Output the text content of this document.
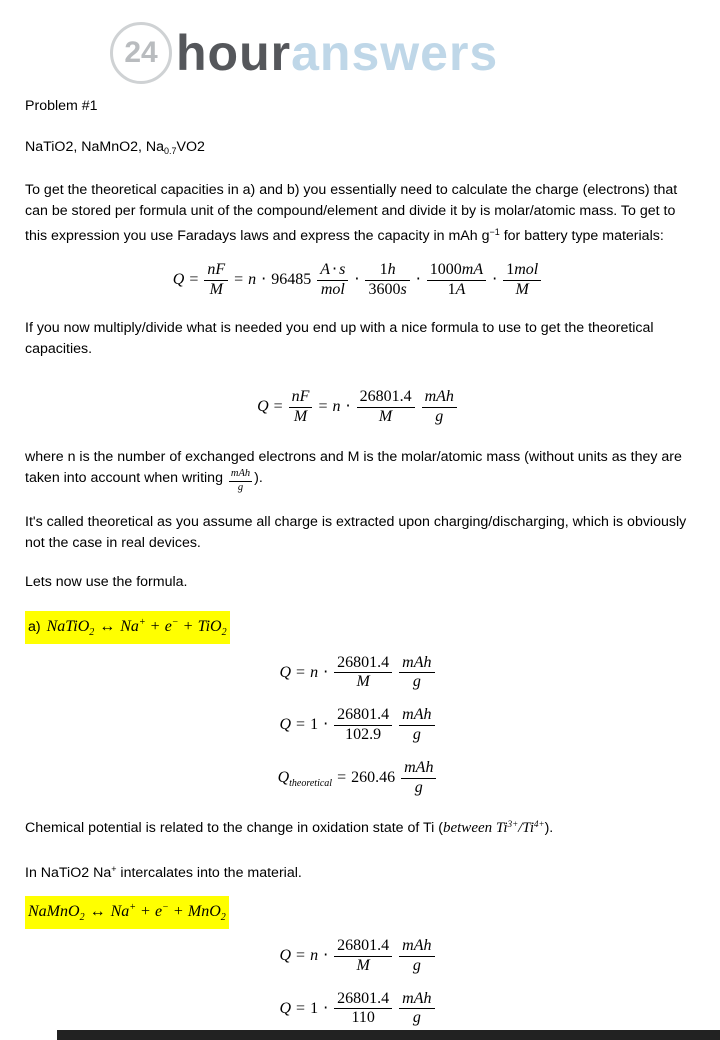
24 houranswers

Problem #1

NaTiO2, NaMnO2, $Na_{0.7}VO2$

To get the theoretical capacities in a) and b) you essentially need to calculate the charge (electrons) that can be stored per formula unit of the compound/element and divide it by is molar/atomic mass. To get to this expression you use Faradays laws and express the capacity in mAh $g^{-1}$ for battery type materials:

$Q = \frac{nF}{M} = n \cdot 96485$
A ⋅ s
mol
⋅ $\frac{1h}{3600s} \cdot \frac{1000mA}{1A}$ ⋅
1mol
M

If you now multiply/divide what is needed you end up with a nice formula to use to get the theoretical capacities.

$Q = \frac{nF}{M} = n \cdot \frac{26801.4}{M}$ mAh
g

where n is the number of exchanged electrons and M is the molar/atomic mass (without units as they are taken into account when writing $\frac{\text{mAh}}{g}$ ).

It's called theoretical as you assume all charge is extracted upon charging/discharging, which is obviously not the case in real devices.

Lets now use the formula.

a) NaTiO$_2$ ↔ Na+ + e− + TiO$_2$

$Q = n \cdot \frac{26801.4}{M}$ mAh
g
$Q = 1 \cdot \frac{26801.4}{102.9}$ mAh
g
$Q_{theoretical} = 260.46$
mAh
g

Chemical potential is related to the change in oxidation state of Ti (between $Ti^{3+}/Ti^{4+}$).

In NaTiO2 Na+ intercalates into the material.

NaMnO$_2$ ↔ Na+ + e− + MnO$_2$

$Q = n \cdot \frac{26801.4}{M}$ mAh
g
$Q = 1 \cdot \frac{26801.4}{110}$ mAh
g
